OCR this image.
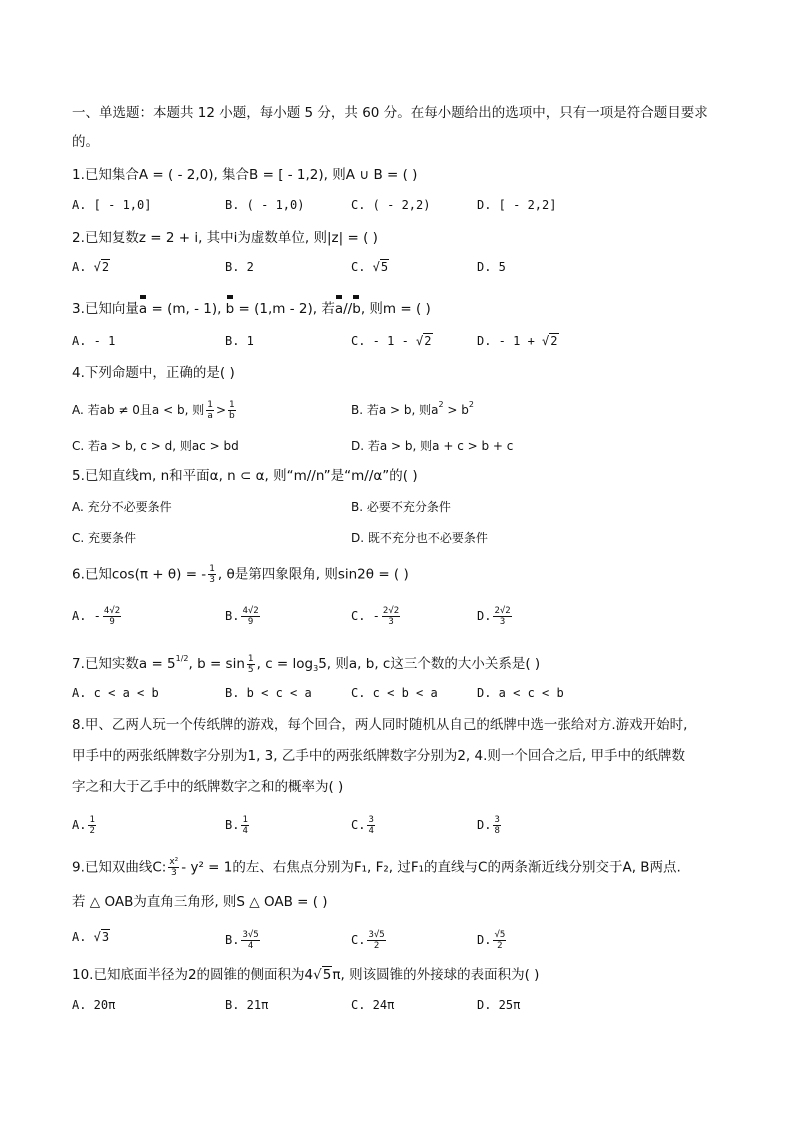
一、单选题：本题共 12 小题，每小题 5 分，共 60 分。在每小题给出的选项中，只有一项是符合题目要求
的。
1.已知集合A = ( - 2,0), 集合B = [ - 1,2), 则A ∪ B = ( )
A. [ - 1,0]	B. ( - 1,0)	C. ( - 2,2)	D. [ - 2,2]
2.已知复数z = 2 + i, 其中i为虚数单位, 则|z| = ( )
A. √2	B. 2	C. √5	D. 5
3.已知向量a = (m, - 1), b = (1,m - 2), 若a//b, 则m = ( )
A. - 1	B. 1	C. - 1 - √2	D. - 1 + √2
4.下列命题中，正确的是( )
A. 若ab ≠ 0且a < b, 则 $\frac{1}{a} > \frac{1}{b}$	B. 若a > b, 则$a^2 > b^2$
C. 若a > b, c > d, 则ac > bd	D. 若a > b, 则a + c > b + c
5.已知直线m, n和平面α, n ⊂ α, 则“m//n”是“m//α”的( )
A. 充分不必要条件	B. 必要不充分条件
C. 充要条件	D. 既不充分也不必要条件
6.已知cos(π + θ) = - $\frac{1}{3}$ , θ是第四象限角, 则sin2θ = ( )
A. - $\frac{4√2}{9}$	B. $\frac{4√2}{9}$	C. - $\frac{2√2}{3}$	D. $\frac{2√2}{3}$
7.已知实数$a = 5^{1/2}$, $b = \sin \frac{1}{5}$ , $c = \log_35$, 则a, b, c这三个数的大小关系是( )
A. c < a < b	B. b < c < a	C. c < b < a	D. a < c < b
8.甲、乙两人玩一个传纸牌的游戏，每个回合，两人同时随机从自己的纸牌中选一张给对方.游戏开始时,
甲手中的两张纸牌数字分别为1, 3, 乙手中的两张纸牌数字分别为2, 4.则一个回合之后, 甲手中的纸牌数
字之和大于乙手中的纸牌数字之和的概率为( )
A. $\frac{1}{2}$	B. $\frac{1}{4}$	C. $\frac{3}{4}$	D. $\frac{3}{8}$
9.已知双曲线C: $\frac{\text{x²}}{3} - y^2 = 1$的左、右焦点分别为F₁, F₂, 过F₁的直线与C的两条渐近线分别交于A, B两点.
若 △ OAB为直角三角形, 则S △ OAB = ( )
A. √3	B. $\frac{3√5}{4}$	C. $\frac{3√5}{2}$	D. $\frac{√5}{2}$
10.已知底面半径为2的圆锥的侧面积为4√5π, 则该圆锥的外接球的表面积为( )
A. 20π	B. 21π	C. 24π	D. 25π
